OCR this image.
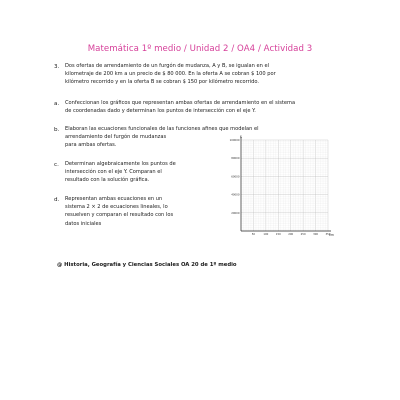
Matemática 1º medio / Unidad 2 / OA4 / Actividad 3
3. Dos ofertas de arrendamiento de un furgón de mudanza, A y B, se igualan en el
kilometraje de 200 km a un precio de $ 80 000. En la oferta A se cobran $ 100 por
kilómetro recorrido y en la oferta B se cobran $ 150 por kilómetro recorrido.
a. Confeccionan los gráficos que representan ambas ofertas de arrendamiento en el sistema
de coordenadas dado y determinan los puntos de intersección con el eje Y.
b. Elaboran las ecuaciones funcionales de las funciones afines que modelan el
arrendamiento del furgón de mudanzas
para ambas ofertas.
c. Determinan algebraicamente los puntos de
intersección con el eje Y. Comparan el
resultado con la solución gráfica.
d. Representan ambas ecuaciones en un
sistema 2 × 2 de ecuaciones lineales, lo
resuelven y comparan el resultado con los
datos iniciales
$
100000
80000
60000
40000
20000
50	100	150	200	250	300	350
km
@ Historia, Geografía y Ciencias Sociales OA 20 de 1º medio
